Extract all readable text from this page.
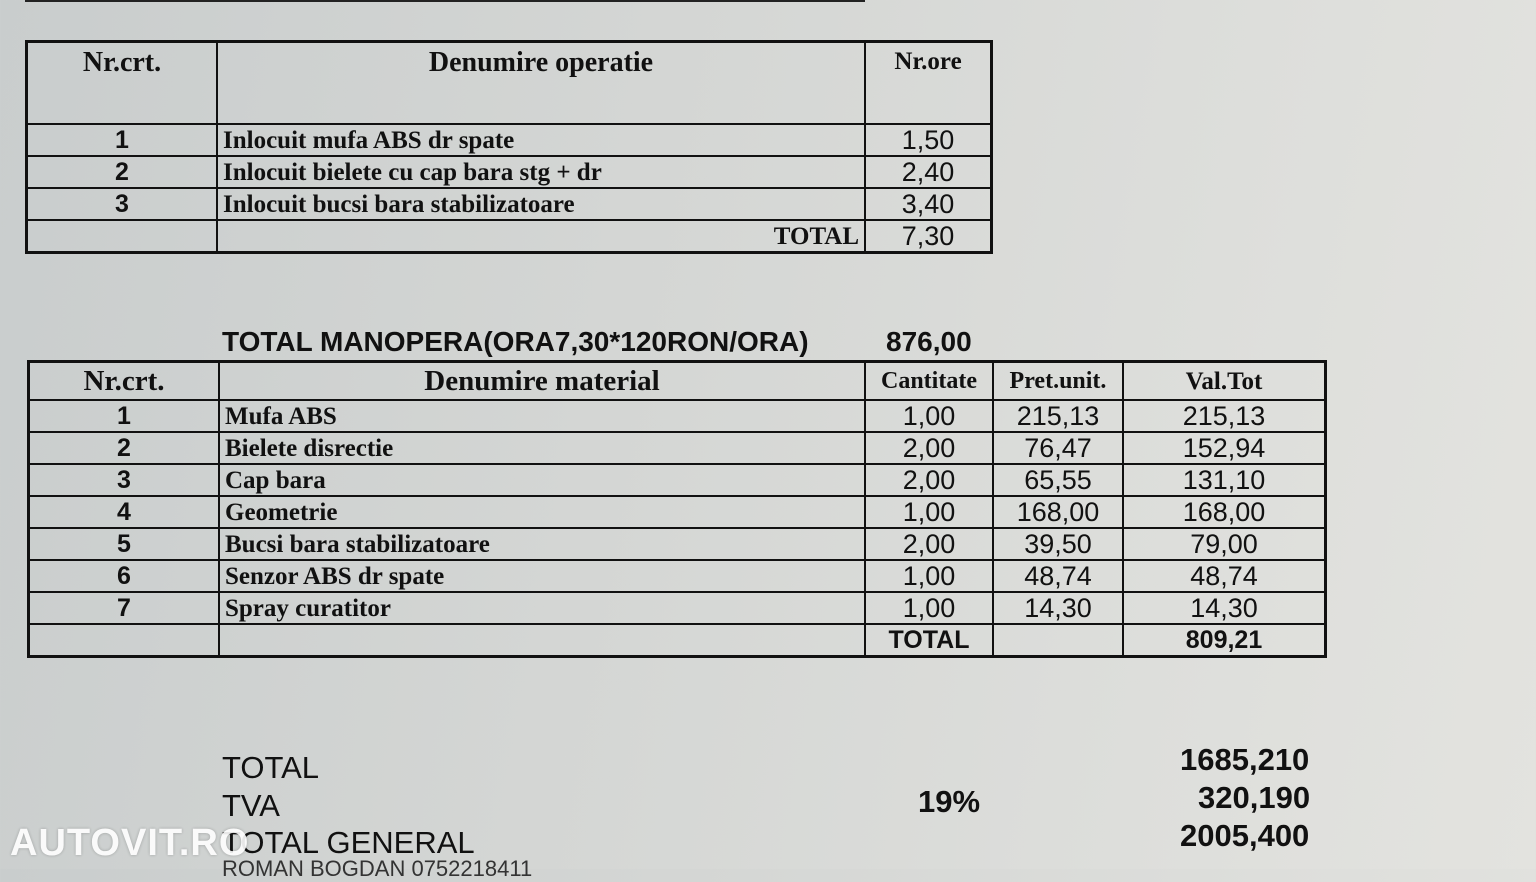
Nr.crt.	Denumire operatie	Nr.ore
1	Inlocuit mufa ABS dr spate	1,50
2	Inlocuit bielete cu cap bara stg + dr	2,40
3	Inlocuit bucsi bara stabilizatoare	3,40
	TOTAL	7,30
TOTAL MANOPERA(ORA7,30*120RON/ORA)	876,00
Nr.crt.	Denumire material	Cantitate	Pret.unit.	Val.Tot
1	Mufa ABS	1,00	215,13	215,13
2	Bielete disrectie	2,00	76,47	152,94
3	Cap bara	2,00	65,55	131,10
4	Geometrie	1,00	168,00	168,00
5	Bucsi bara stabilizatoare	2,00	39,50	79,00
6	Senzor ABS dr spate	1,00	48,74	48,74
7	Spray curatitor	1,00	14,30	14,30
		TOTAL		809,21
TOTAL	1685,210
TVA	19%	320,190
TOTAL GENERAL	2005,400
ROMAN BOGDAN 0752218411
AUTOVIT.RO
